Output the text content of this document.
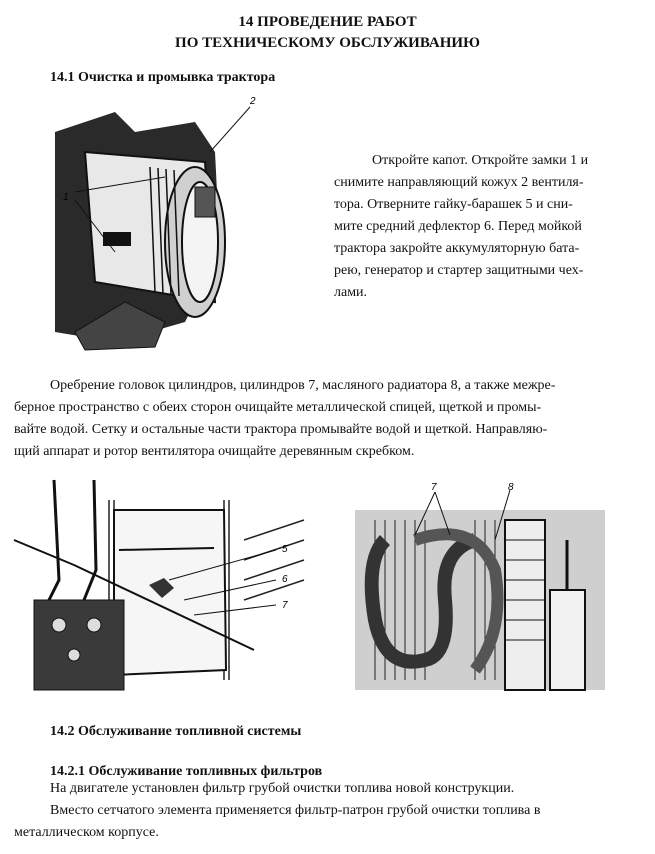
14 ПРОВЕДЕНИЕ РАБОТ
ПО ТЕХНИЧЕСКОМУ ОБСЛУЖИВАНИЮ
14.1 Очистка и промывка трактора
2
1
Откройте капот. Откройте замки 1 и
снимите направляющий кожух 2 вентиля-
тора. Отверните гайку-барашек 5 и сни-
мите средний дефлектор 6. Перед мойкой
трактора закройте аккумуляторную бата-
рею, генератор и стартер защитными чех-
лами.
Оребрение головок цилиндров, цилиндров 7, масляного радиатора 8, а также межре-
берное пространство с обеих сторон очищайте металлической спицей, щеткой и промы-
вайте водой. Сетку и остальные части трактора промывайте водой и щеткой. Направляю-
щий аппарат и ротор вентилятора очищайте деревянным скребком.
5
6
7
7	8
14.2 Обслуживание топливной системы
14.2.1 Обслуживание топливных фильтров
На двигателе установлен фильтр грубой очистки топлива новой конструкции.
Вместо сетчатого элемента применяется фильтр-патрон грубой очистки топлива в
металлическом корпусе.
